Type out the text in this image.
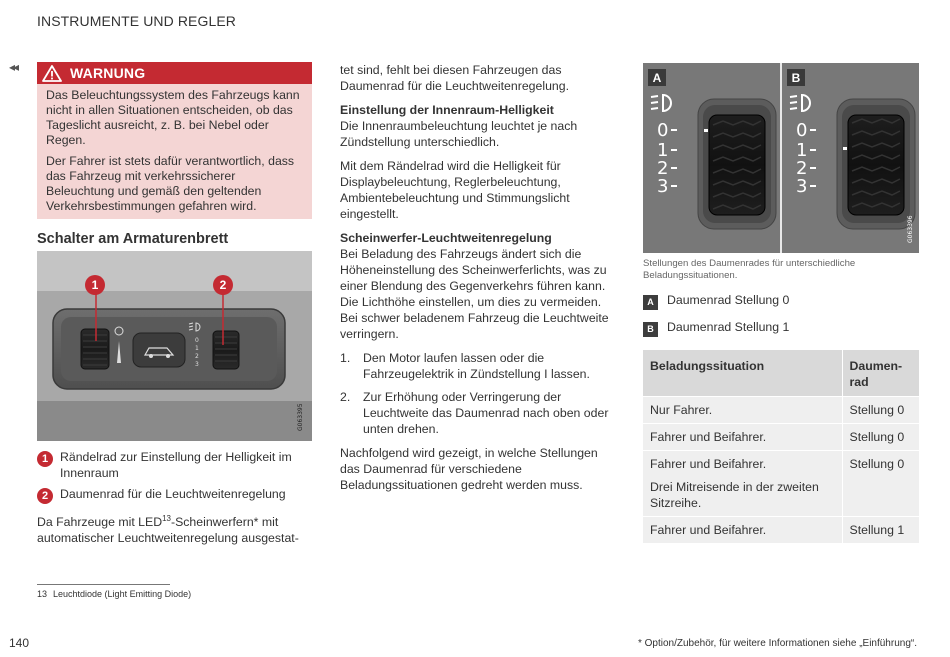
INSTRUMENTE UND REGLER
◂◂	WARNUNG

Das Beleuchtungssystem des Fahrzeugs kann nicht in allen Situationen entscheiden, ob das Tageslicht ausreicht, z. B. bei Nebel oder Regen.

Der Fahrer ist stets dafür verantwortlich, dass das Fahrzeug mit verkehrssicherer Beleuchtung und gemäß den geltenden Verkehrsbestimmungen gefahren wird.

Schalter am Armaturenbrett
0
1
2
3
G063395
1	2
1 Rändelrad zur Einstellung der Helligkeit im Innenraum
2 Daumenrad für die Leuchtweitenregelung
Da Fahrzeuge mit LED$^{13}$-Scheinwerfern* mit automatischer Leuchtweitenregelung ausgestat-
13 Leuchtdiode (Light Emitting Diode)
140	* Option/Zubehör, für weitere Informationen siehe „Einführung“.

tet sind, fehlt bei diesen Fahrzeugen das Daumenrad für die Leuchtweitenregelung.

Einstellung der Innenraum-Helligkeit

Die Innenraumbeleuchtung leuchtet je nach Zündstellung unterschiedlich.

Mit dem Rändelrad wird die Helligkeit für Displaybeleuchtung, Reglerbeleuchtung, Ambientebeleuchtung und Stimmungslicht eingestellt.

Scheinwerfer-Leuchtweitenregelung

Bei Beladung des Fahrzeugs ändert sich die Höheneinstellung des Scheinwerferlichts, was zu einer Blendung des Gegenverkehrs führen kann. Die Lichthöhe einstellen, um dies zu vermeiden. Bei schwer beladenem Fahrzeug die Leuchtweite verringern.

1.	Den Motor laufen lassen oder die Fahrzeugelektrik in Zündstellung I lassen.
2.	Zur Erhöhung oder Verringerung der Leuchtweite das Daumenrad nach oben oder unten drehen.

Nachfolgend wird gezeigt, in welche Stellungen das Daumenrad für verschiedene Beladungssituationen gedreht werden muss.

G063396
A	B
0
1
2
3
0
1
2
3
Stellungen des Daumenrades für unterschiedliche Beladungssituationen.
A	Daumenrad Stellung 0
B	Daumenrad Stellung 1
Beladungssituation	Daumen-
rad

Nur Fahrer.	Stellung 0

Fahrer und Beifahrer.	Stellung 0

Fahrer und Beifahrer.

Drei Mitreisende in der zweiten Sitzreihe.	Stellung 0

Fahrer und Beifahrer.	Stellung 1
